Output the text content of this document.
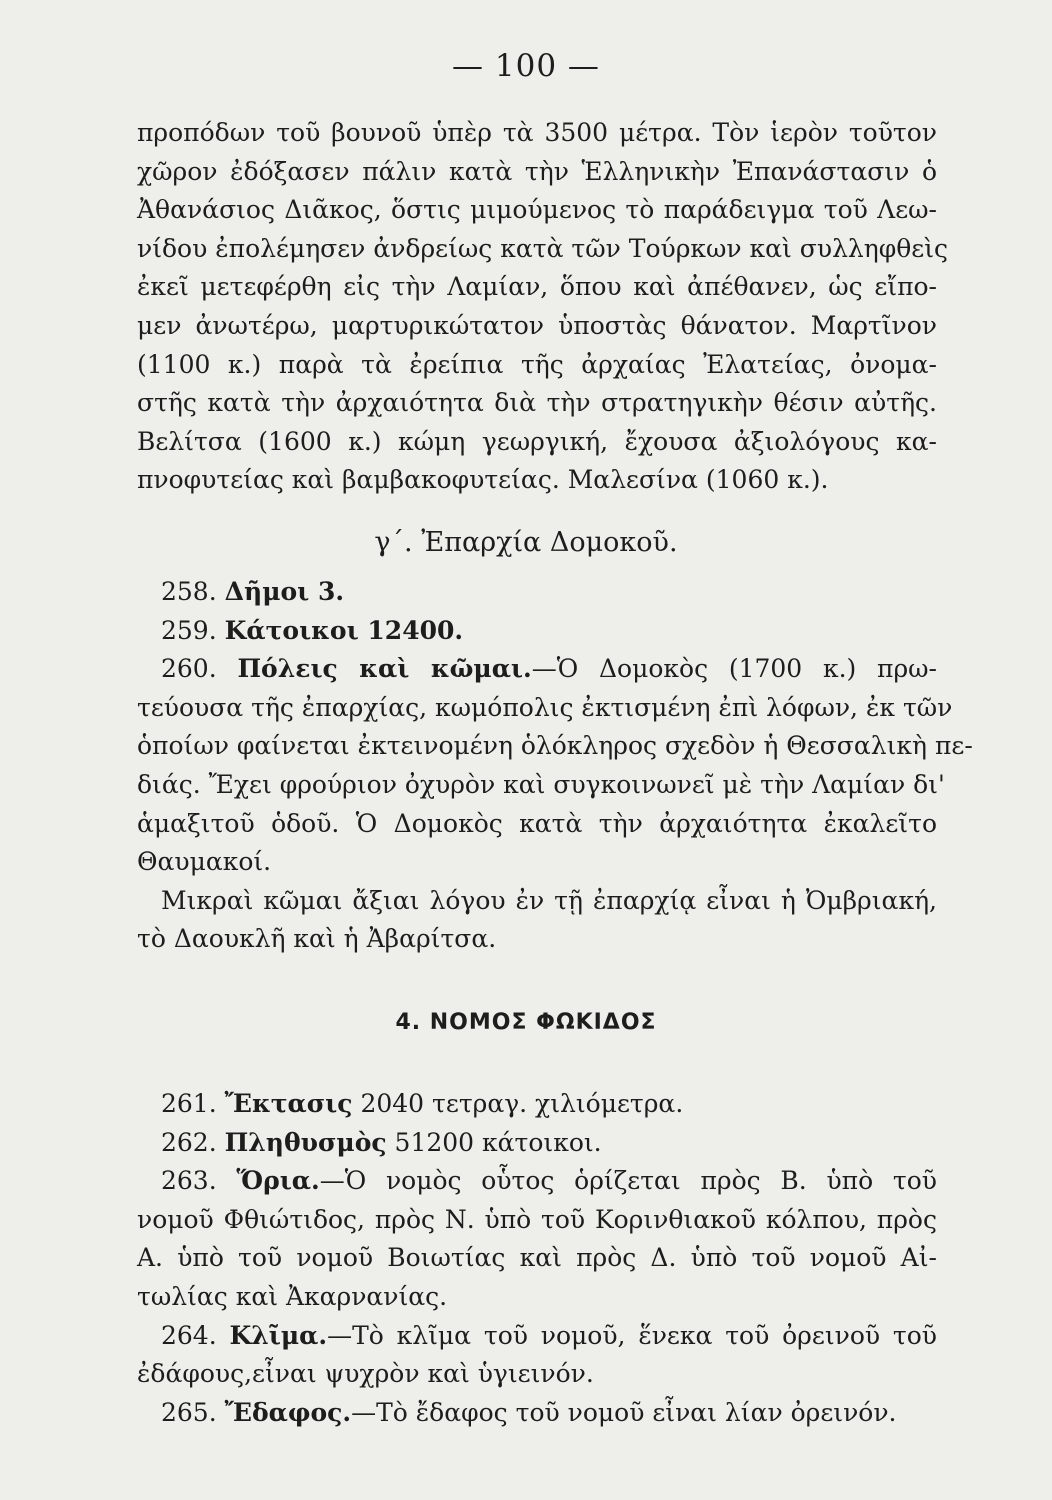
— 100 —
προπόδων τοῦ βουνοῦ ὑπὲρ τὰ 3500 μέτρα. Τὸν ἱερὸν τοῦτον
χῶρον ἐδόξασεν πάλιν κατὰ τὴν Ἑλληνικὴν Ἐπανάστασιν ὁ
Ἀθανάσιος Διᾶκος, ὅστις μιμούμενος τὸ παράδειγμα τοῦ Λεω-
νίδου ἐπολέμησεν ἀνδρείως κατὰ τῶν Τούρκων καὶ συλληφθεὶς
ἐκεῖ μετεφέρθη εἰς τὴν Λαμίαν, ὅπου καὶ ἀπέθανεν, ὡς εἴπο-
μεν ἀνωτέρω, μαρτυρικώτατον ὑποστὰς θάνατον. Μαρτῖνον
(1100 κ.) παρὰ τὰ ἐρείπια τῆς ἀρχαίας Ἐλατείας, ὀνομα-
στῆς κατὰ τὴν ἀρχαιότητα διὰ τὴν στρατηγικὴν θέσιν αὐτῆς.
Βελίτσα (1600 κ.) κώμη γεωργική, ἔχουσα ἀξιολόγους κα-
πνοφυτείας καὶ βαμβακοφυτείας. Μαλεσίνα (1060 κ.).
γ΄. Ἐπαρχία Δομοκοῦ.
258. Δῆμοι 3.
259. Κάτοικοι 12400.
260. Πόλεις καὶ κῶμαι.—Ὁ Δομοκὸς (1700 κ.) πρω-
τεύουσα τῆς ἐπαρχίας, κωμόπολις ἐκτισμένη ἐπὶ λόφων, ἐκ τῶν
ὁποίων φαίνεται ἐκτεινομένη ὁλόκληρος σχεδὸν ἡ Θεσσαλικὴ πε-
διάς. Ἔχει φρούριον ὀχυρὸν καὶ συγκοινωνεῖ μὲ τὴν Λαμίαν δι'
ἁμαξιτοῦ ὁδοῦ. Ὁ Δομοκὸς κατὰ τὴν ἀρχαιότητα ἐκαλεῖτο
Θαυμακοί.
Μικραὶ κῶμαι ἄξιαι λόγου ἐν τῇ ἐπαρχίᾳ εἶναι ἡ Ὀμβριακή,
τὸ Δαουκλῆ καὶ ἡ Ἀβαρίτσα.
4. ΝΟΜΟΣ ΦΩΚΙΔΟΣ
261. Ἔκτασις 2040 τετραγ. χιλιόμετρα.
262. Πληθυσμὸς 51200 κάτοικοι.
263. Ὅρια.—Ὁ νομὸς οὗτος ὁρίζεται πρὸς Β. ὑπὸ τοῦ
νομοῦ Φθιώτιδος, πρὸς Ν. ὑπὸ τοῦ Κορινθιακοῦ κόλπου, πρὸς
Α. ὑπὸ τοῦ νομοῦ Βοιωτίας καὶ πρὸς Δ. ὑπὸ τοῦ νομοῦ Αἰ-
τωλίας καὶ Ἀκαρνανίας.
264. Κλῖμα.—Τὸ κλῖμα τοῦ νομοῦ, ἕνεκα τοῦ ὀρεινοῦ τοῦ
ἐδάφους,εἶναι ψυχρὸν καὶ ὑγιεινόν.
265. Ἔδαφος.—Τὸ ἔδαφος τοῦ νομοῦ εἶναι λίαν ὀρεινόν.
